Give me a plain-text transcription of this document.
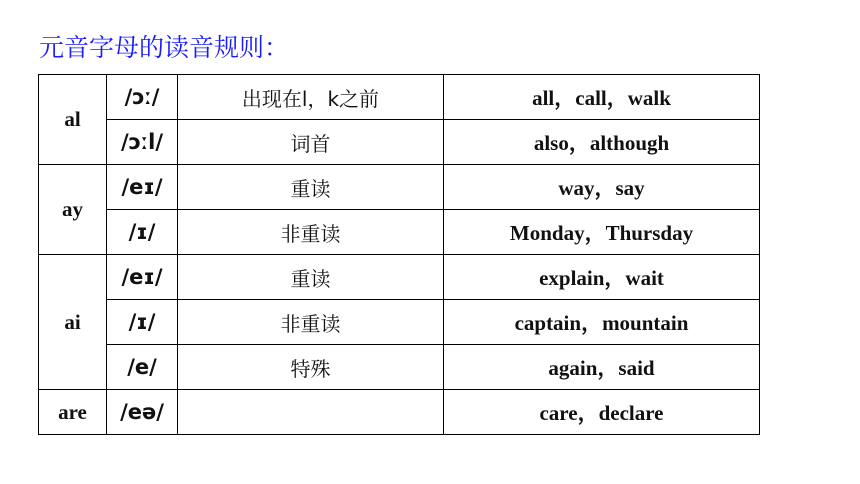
元音字母的读音规则：
al	/ɔː/	出现在l，k之前	all，call，walk
	/ɔːl/	词首	also，although
ay	/eɪ/	重读	way，say
	/ɪ/	非重读	Monday，Thursday
ai	/eɪ/	重读	explain，wait
	/ɪ/	非重读	captain，mountain
	/e/	特殊	again，said
are	/eə/		care，declare
